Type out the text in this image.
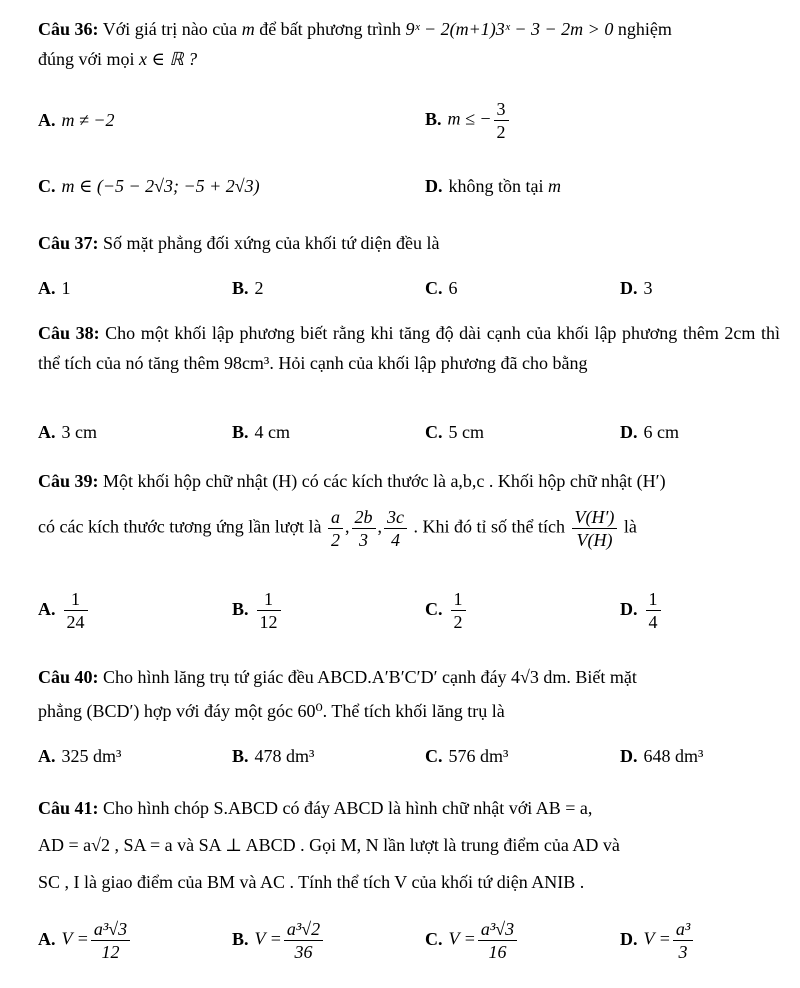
Câu 36: Với giá trị nào của m để bất phương trình 9ˣ − 2(m+1)3ˣ − 3 − 2m > 0 nghiệm
đúng với mọi x ∈ ℝ ?
A. m ≠ −2	B. m ≤ − $\frac{3}{2}$
C. m ∈ (−5 − 2√3; −5 + 2√3)	D. không tồn tại m
Câu 37: Số mặt phẳng đối xứng của khối tứ diện đều là
A. 1	B. 2	C. 6	D. 3
Câu 38: Cho một khối lập phương biết rằng khi tăng độ dài cạnh của khối lập phương thêm 2cm thì thể tích của nó tăng thêm 98cm³. Hỏi cạnh của khối lập phương đã cho bằng
A. 3 cm	B. 4 cm	C. 5 cm	D. 6 cm
Câu 39: Một khối hộp chữ nhật (H) có các kích thước là a,b,c . Khối hộp chữ nhật (H′)
có các kích thước tương ứng lần lượt là $\frac{a}{2}$ , $\frac{2b}{3}$ , $\frac{3c}{4}$ . Khi đó tỉ số thể tích $\frac{V(H')}{V(H)}$ là
A. $\frac{1}{24}$	B. $\frac{1}{12}$	C. $\frac{1}{2}$	D. $\frac{1}{4}$
Câu 40: Cho hình lăng trụ tứ giác đều ABCD.A′B′C′D′ cạnh đáy 4√3 dm. Biết mặt
phẳng (BCD′) hợp với đáy một góc 60⁰. Thể tích khối lăng trụ là
A. 325 dm³	B. 478 dm³	C. 576 dm³	D. 648 dm³
Câu 41: Cho hình chóp S.ABCD có đáy ABCD là hình chữ nhật với AB = a,
AD = a√2 , SA = a và SA ⊥ ABCD . Gọi M, N lần lượt là trung điểm của AD và
SC , I là giao điểm của BM và AC . Tính thể tích V của khối tứ diện ANIB .
A. $V = \frac{\text{a³√3}}{12}$	B. $V = \frac{\text{a³√2}}{36}$	C. $V = \frac{\text{a³√3}}{16}$	D. $V = \frac{\text{a³}}{3}$
